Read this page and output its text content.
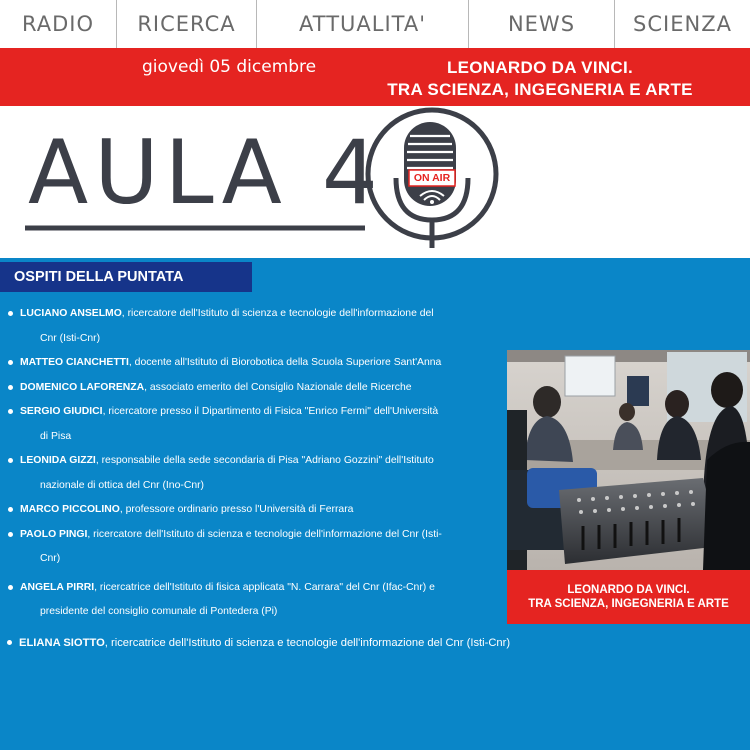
RADIO	RICERCA	ATTUALITA'	NEWS	SCIENZA
giovedì 05 dicembre	LEONARDO DA VINCI.
TRA SCIENZA, INGEGNERIA E ARTE
AULA 4	ON AIR
OSPITI DELLA PUNTATA
LUCIANO ANSELMO, ricercatore dell'Istituto di scienza e tecnologie dell'informazione del
Cnr (Isti-Cnr)
MATTEO CIANCHETTI, docente all'Istituto di Biorobotica della Scuola Superiore Sant'Anna
DOMENICO LAFORENZA, associato emerito del Consiglio Nazionale delle Ricerche
SERGIO GIUDICI, ricercatore presso il Dipartimento di Fisica "Enrico Fermi" dell'Università
di Pisa
LEONIDA GIZZI, responsabile della sede secondaria di Pisa "Adriano Gozzini" dell'Istituto
nazionale di ottica del Cnr (Ino-Cnr)
MARCO PICCOLINO, professore ordinario presso l'Università di Ferrara
PAOLO PINGI, ricercatore dell'Istituto di scienza e tecnologie dell'informazione del Cnr (Isti-
Cnr)
ANGELA PIRRI, ricercatrice dell'Istituto di fisica applicata "N. Carrara" del Cnr (Ifac-Cnr) e
presidente del consiglio comunale di Pontedera (Pi)
ELIANA SIOTTO, ricercatrice dell'Istituto di scienza e tecnologie dell'informazione del Cnr (Isti-Cnr)
LEONARDO DA VINCI.
TRA SCIENZA, INGEGNERIA E ARTE
